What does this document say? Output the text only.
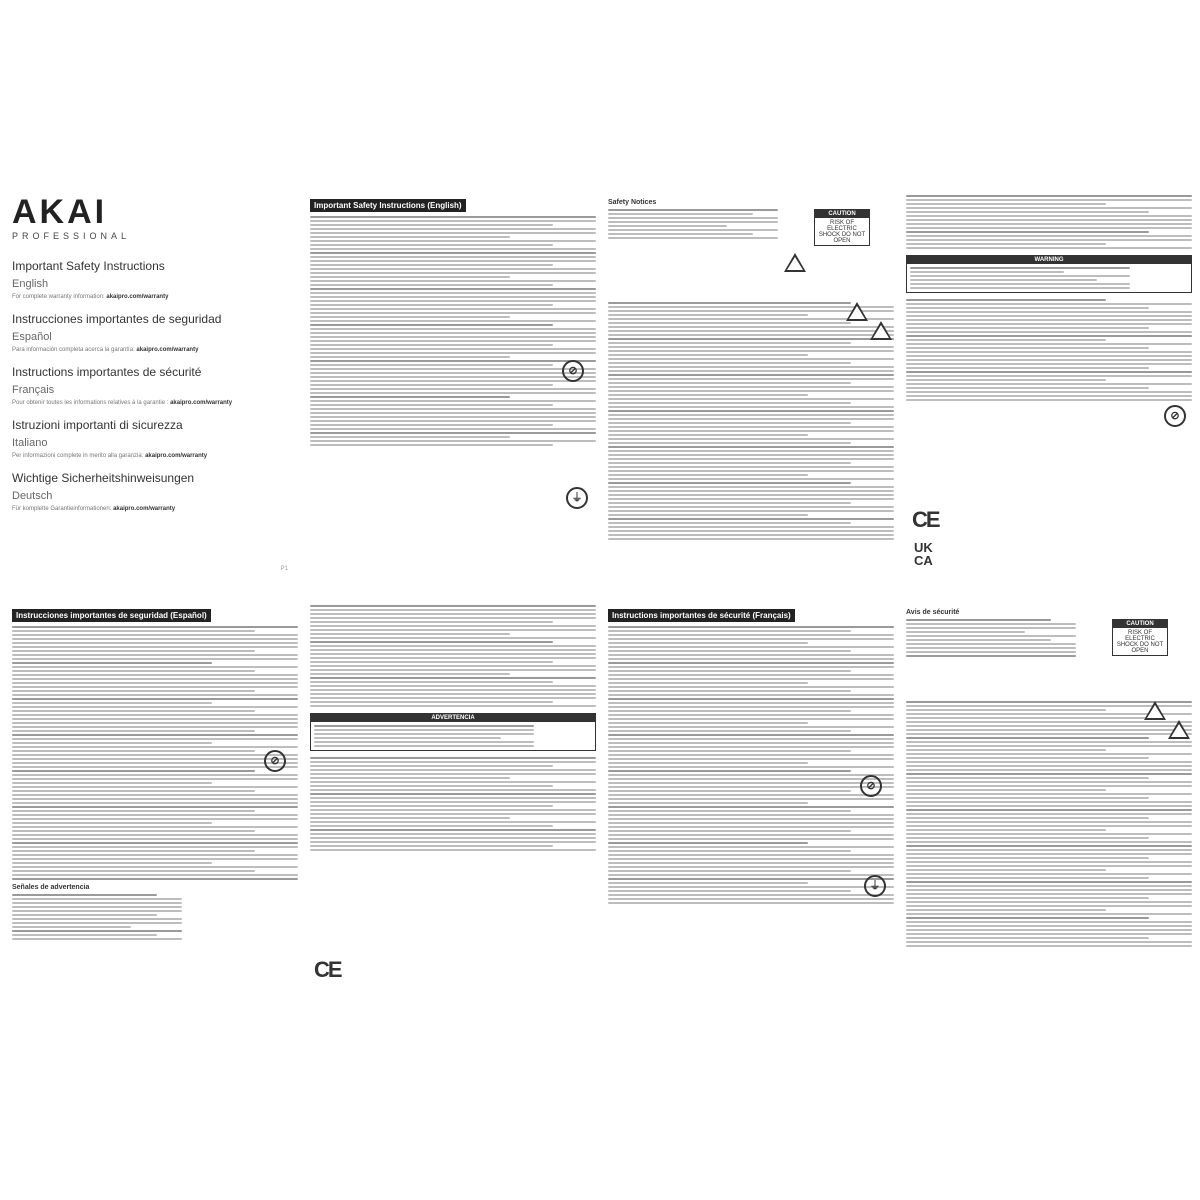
AKAI
PROFESSIONAL
Important Safety Instructions
English
For complete warranty information: akaipro.com/warranty
Instrucciones importantes de seguridad
Español
Para información completa acerca la garantía: akaipro.com/warranty
Instructions importantes de sécurité
Français
Pour obtenir toutes les informations relatives à la garantie : akaipro.com/warranty
Istruzioni importanti di sicurezza
Italiano
Per informazioni complete in merito alla garanzia: akaipro.com/warranty
Wichtige Sicherheitshinweisungen
Deutsch
Für komplette Garantieinformationen: akaipro.com/warranty
P1
Important Safety Instructions (English)
⊘
⏚
Safety Notices
CAUTION
RISK OF ELECTRIC SHOCK DO NOT OPEN
WARNING
CE
UK
CA
⊘
Instrucciones importantes de seguridad (Español)
Señales de advertencia
⊘
ADVERTENCIA
CE
Instructions importantes de sécurité (Français)
⊘
⏚
Avis de sécurité
CAUTION
RISK OF ELECTRIC SHOCK DO NOT OPEN
